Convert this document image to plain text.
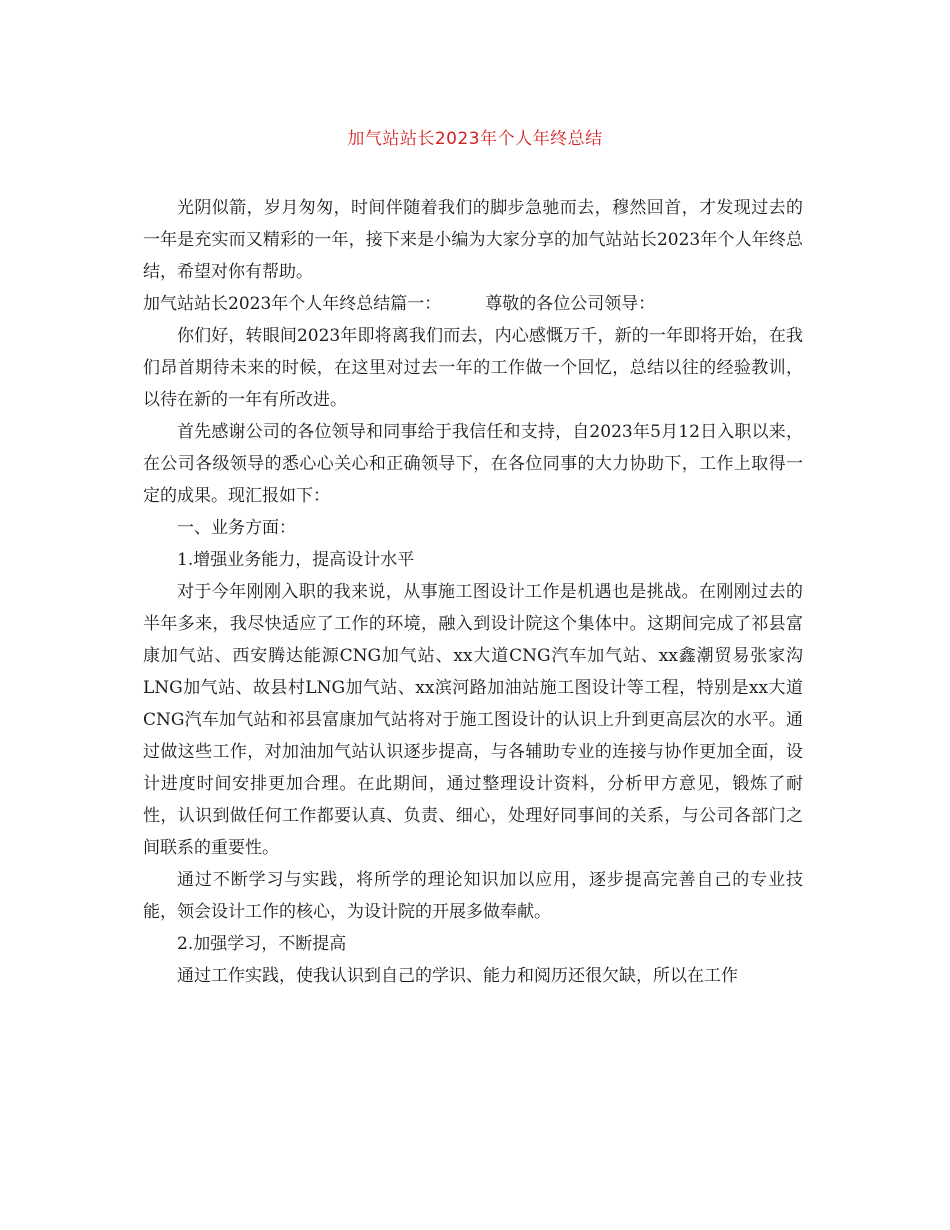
加气站站长2023年个人年终总结

光阴似箭，岁月匆匆，时间伴随着我们的脚步急驰而去，穆然回首，才发现过去的一年是充实而又精彩的一年，接下来是小编为大家分享的加气站站长2023年个人年终总结，希望对你有帮助。

加气站站长2023年个人年终总结篇一：	尊敬的各位公司领导：

你们好，转眼间2023年即将离我们而去，内心感慨万千，新的一年即将开始，在我们昂首期待未来的时候，在这里对过去一年的工作做一个回忆，总结以往的经验教训，以待在新的一年有所改进。

首先感谢公司的各位领导和同事给于我信任和支持，自2023年5月12日入职以来，在公司各级领导的悉心心关心和正确领导下，在各位同事的大力协助下，工作上取得一定的成果。现汇报如下：

一、业务方面：

1.增强业务能力，提高设计水平

对于今年刚刚入职的我来说，从事施工图设计工作是机遇也是挑战。在刚刚过去的半年多来，我尽快适应了工作的环境，融入到设计院这个集体中。这期间完成了祁县富康加气站、西安腾达能源CNG加气站、xx大道CNG汽车加气站、xx鑫潮贸易张家沟LNG加气站、故县村LNG加气站、xx滨河路加油站施工图设计等工程，特别是xx大道CNG汽车加气站和祁县富康加气站将对于施工图设计的认识上升到更高层次的水平。通过做这些工作，对加油加气站认识逐步提高，与各辅助专业的连接与协作更加全面，设计进度时间安排更加合理。在此期间，通过整理设计资料，分析甲方意见，锻炼了耐性，认识到做任何工作都要认真、负责、细心，处理好同事间的关系，与公司各部门之间联系的重要性。

通过不断学习与实践，将所学的理论知识加以应用，逐步提高完善自己的专业技能，领会设计工作的核心，为设计院的开展多做奉献。

2.加强学习，不断提高

通过工作实践，使我认识到自己的学识、能力和阅历还很欠缺，所以在工作
